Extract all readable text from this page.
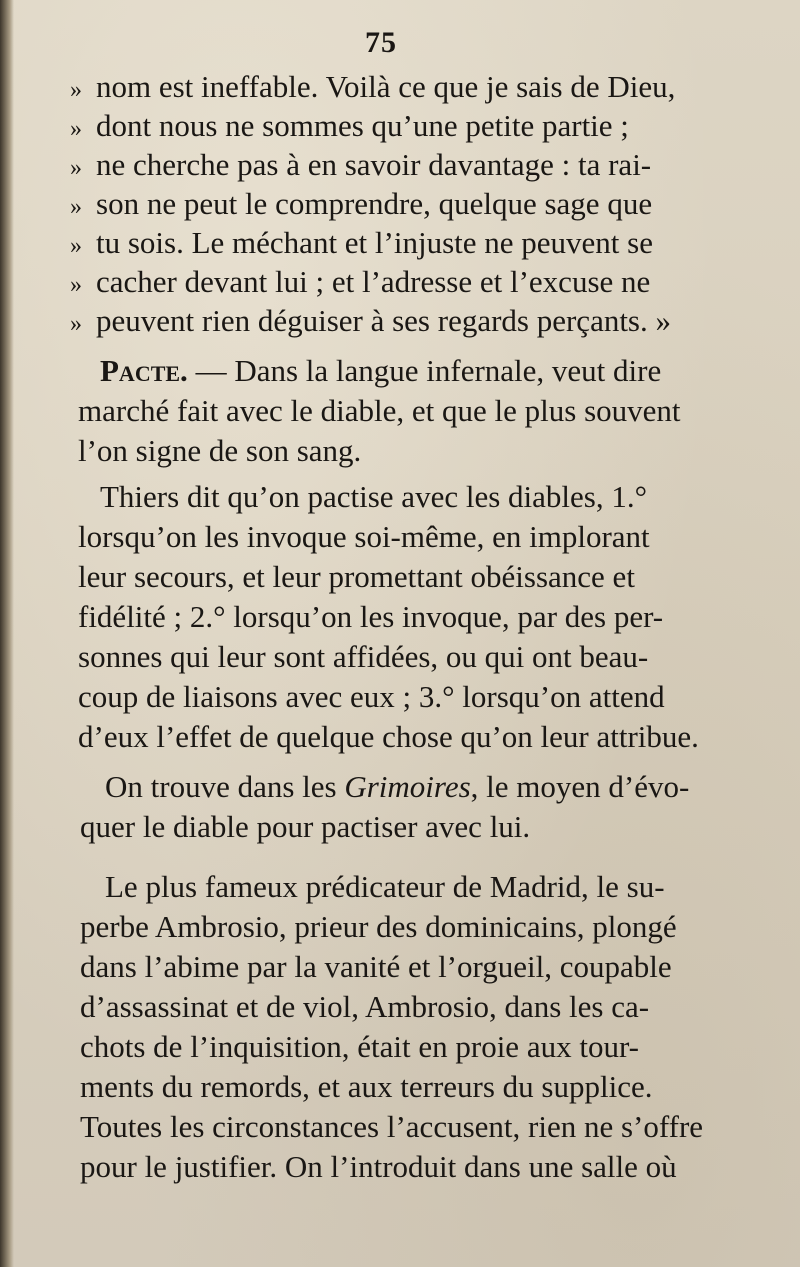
75
» nom est ineffable. Voilà ce que je sais de Dieu,
» dont nous ne sommes qu’une petite partie ;
» ne cherche pas à en savoir davantage : ta rai-
» son ne peut le comprendre, quelque sage que
» tu sois. Le méchant et l’injuste ne peuvent se
» cacher devant lui ; et l’adresse et l’excuse ne
» peuvent rien déguiser à ses regards perçants. »
Pacte. — Dans la langue infernale, veut dire
marché fait avec le diable, et que le plus souvent
l’on signe de son sang.
Thiers dit qu’on pactise avec les diables, 1.°
lorsqu’on les invoque soi-même, en implorant
leur secours, et leur promettant obéissance et
fidélité ; 2.° lorsqu’on les invoque, par des per-
sonnes qui leur sont affidées, ou qui ont beau-
coup de liaisons avec eux ; 3.° lorsqu’on attend
d’eux l’effet de quelque chose qu’on leur attribue.
On trouve dans les Grimoires, le moyen d’évo-
quer le diable pour pactiser avec lui.
Le plus fameux prédicateur de Madrid, le su-
perbe Ambrosio, prieur des dominicains, plongé
dans l’abime par la vanité et l’orgueil, coupable
d’assassinat et de viol, Ambrosio, dans les ca-
chots de l’inquisition, était en proie aux tour-
ments du remords, et aux terreurs du supplice.
Toutes les circonstances l’accusent, rien ne s’offre
pour le justifier. On l’introduit dans une salle où
